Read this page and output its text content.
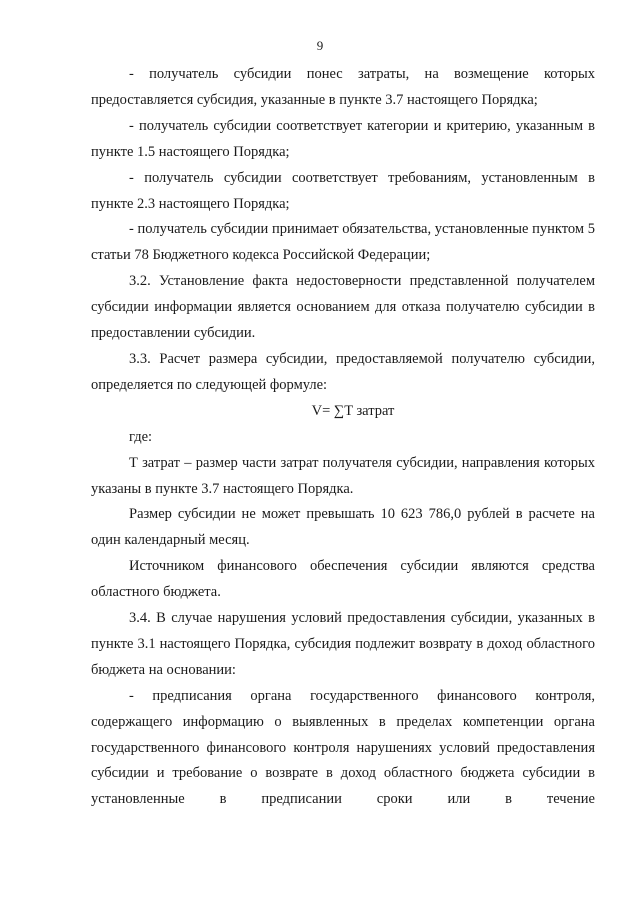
9

- получатель субсидии понес затраты, на возмещение которых предоставляется субсидия, указанные в пункте 3.7 настоящего Порядка;

- получатель субсидии соответствует категории и критерию, указанным в пункте 1.5 настоящего Порядка;

- получатель субсидии соответствует требованиям, установленным в пункте 2.3 настоящего Порядка;

- получатель субсидии принимает обязательства, установленные пунктом 5 статьи 78 Бюджетного кодекса Российской Федерации;

3.2. Установление факта недостоверности представленной получателем субсидии информации является основанием для отказа получателю субсидии в предоставлении субсидии.

3.3. Расчет размера субсидии, предоставляемой получателю субсидии, определяется по следующей формуле:

V= ∑T затрат

где:

Т затрат – размер части затрат получателя субсидии, направления которых указаны в пункте 3.7 настоящего Порядка.

Размер субсидии не может превышать 10 623 786,0 рублей в расчете на один календарный месяц.

Источником финансового обеспечения субсидии являются средства областного бюджета.

3.4. В случае нарушения условий предоставления субсидии, указанных в пункте 3.1 настоящего Порядка, субсидия подлежит возврату в доход областного бюджета на основании:

- предписания органа государственного финансового контроля, содержащего информацию о выявленных в пределах компетенции органа государственного финансового контроля нарушениях условий предоставления субсидии и требование о возврате в доход областного бюджета субсидии в установленные в предписании сроки или в течение
